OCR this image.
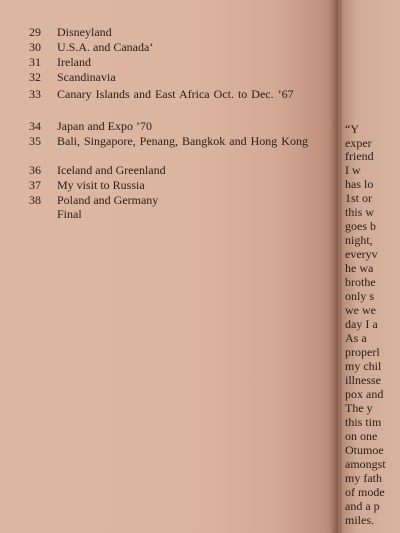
29	Disneyland
30	U.S.A. and Canadaʻ
31	Ireland
32	Scandinavia
33	Canary Islands and East Africa Oct. to Dec. ’67
34	Japan and Expo ’70
35	Bali, Singapore, Penang, Bangkok and Hong Kong
36	Iceland and Greenland
37	My visit to Russia
38	Poland and Germany
Final
“Y
exper
friend
I w
has lo
1st or
this w
goes b
night,
everyv
he wa
brothe
only s
we we
day I a
As a
properl
my chil
illnesse
pox and
The y
this tim
on one
Otumoe
amongst
my fath
of mode
and a p
miles.
